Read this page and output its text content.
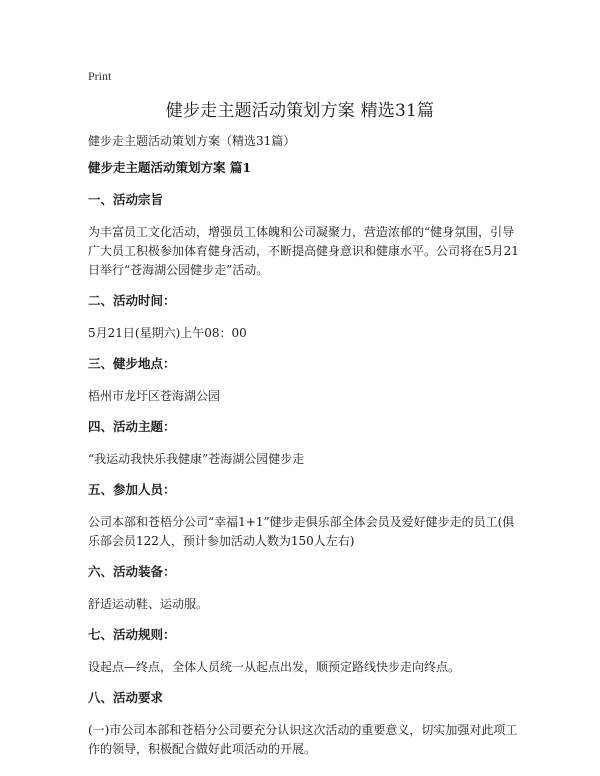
Print
健步走主题活动策划方案 精选31篇
健步走主题活动策划方案（精选31篇）
健步走主题活动策划方案 篇1
一、活动宗旨
为丰富员工文化活动，增强员工体魄和公司凝聚力，营造浓郁的“健身氛围，引导广大员工积极参加体育健身活动，不断提高健身意识和健康水平。公司将在5月21日举行“苍海湖公园健步走”活动。
二、活动时间：
5月21日(星期六)上午08：00
三、健步地点：
梧州市龙圩区苍海湖公园
四、活动主题：
“我运动我快乐我健康”苍海湖公园健步走
五、参加人员：
公司本部和苍梧分公司“幸福1+1”健步走俱乐部全体会员及爱好健步走的员工(俱乐部会员122人，预计参加活动人数为150人左右)
六、活动装备：
舒适运动鞋、运动服。
七、活动规则：
设起点—终点，全体人员统一从起点出发，顺预定路线快步走向终点。
八、活动要求
(一)市公司本部和苍梧分公司要充分认识这次活动的重要意义，切实加强对此项工作的领导，积极配合做好此项活动的开展。
